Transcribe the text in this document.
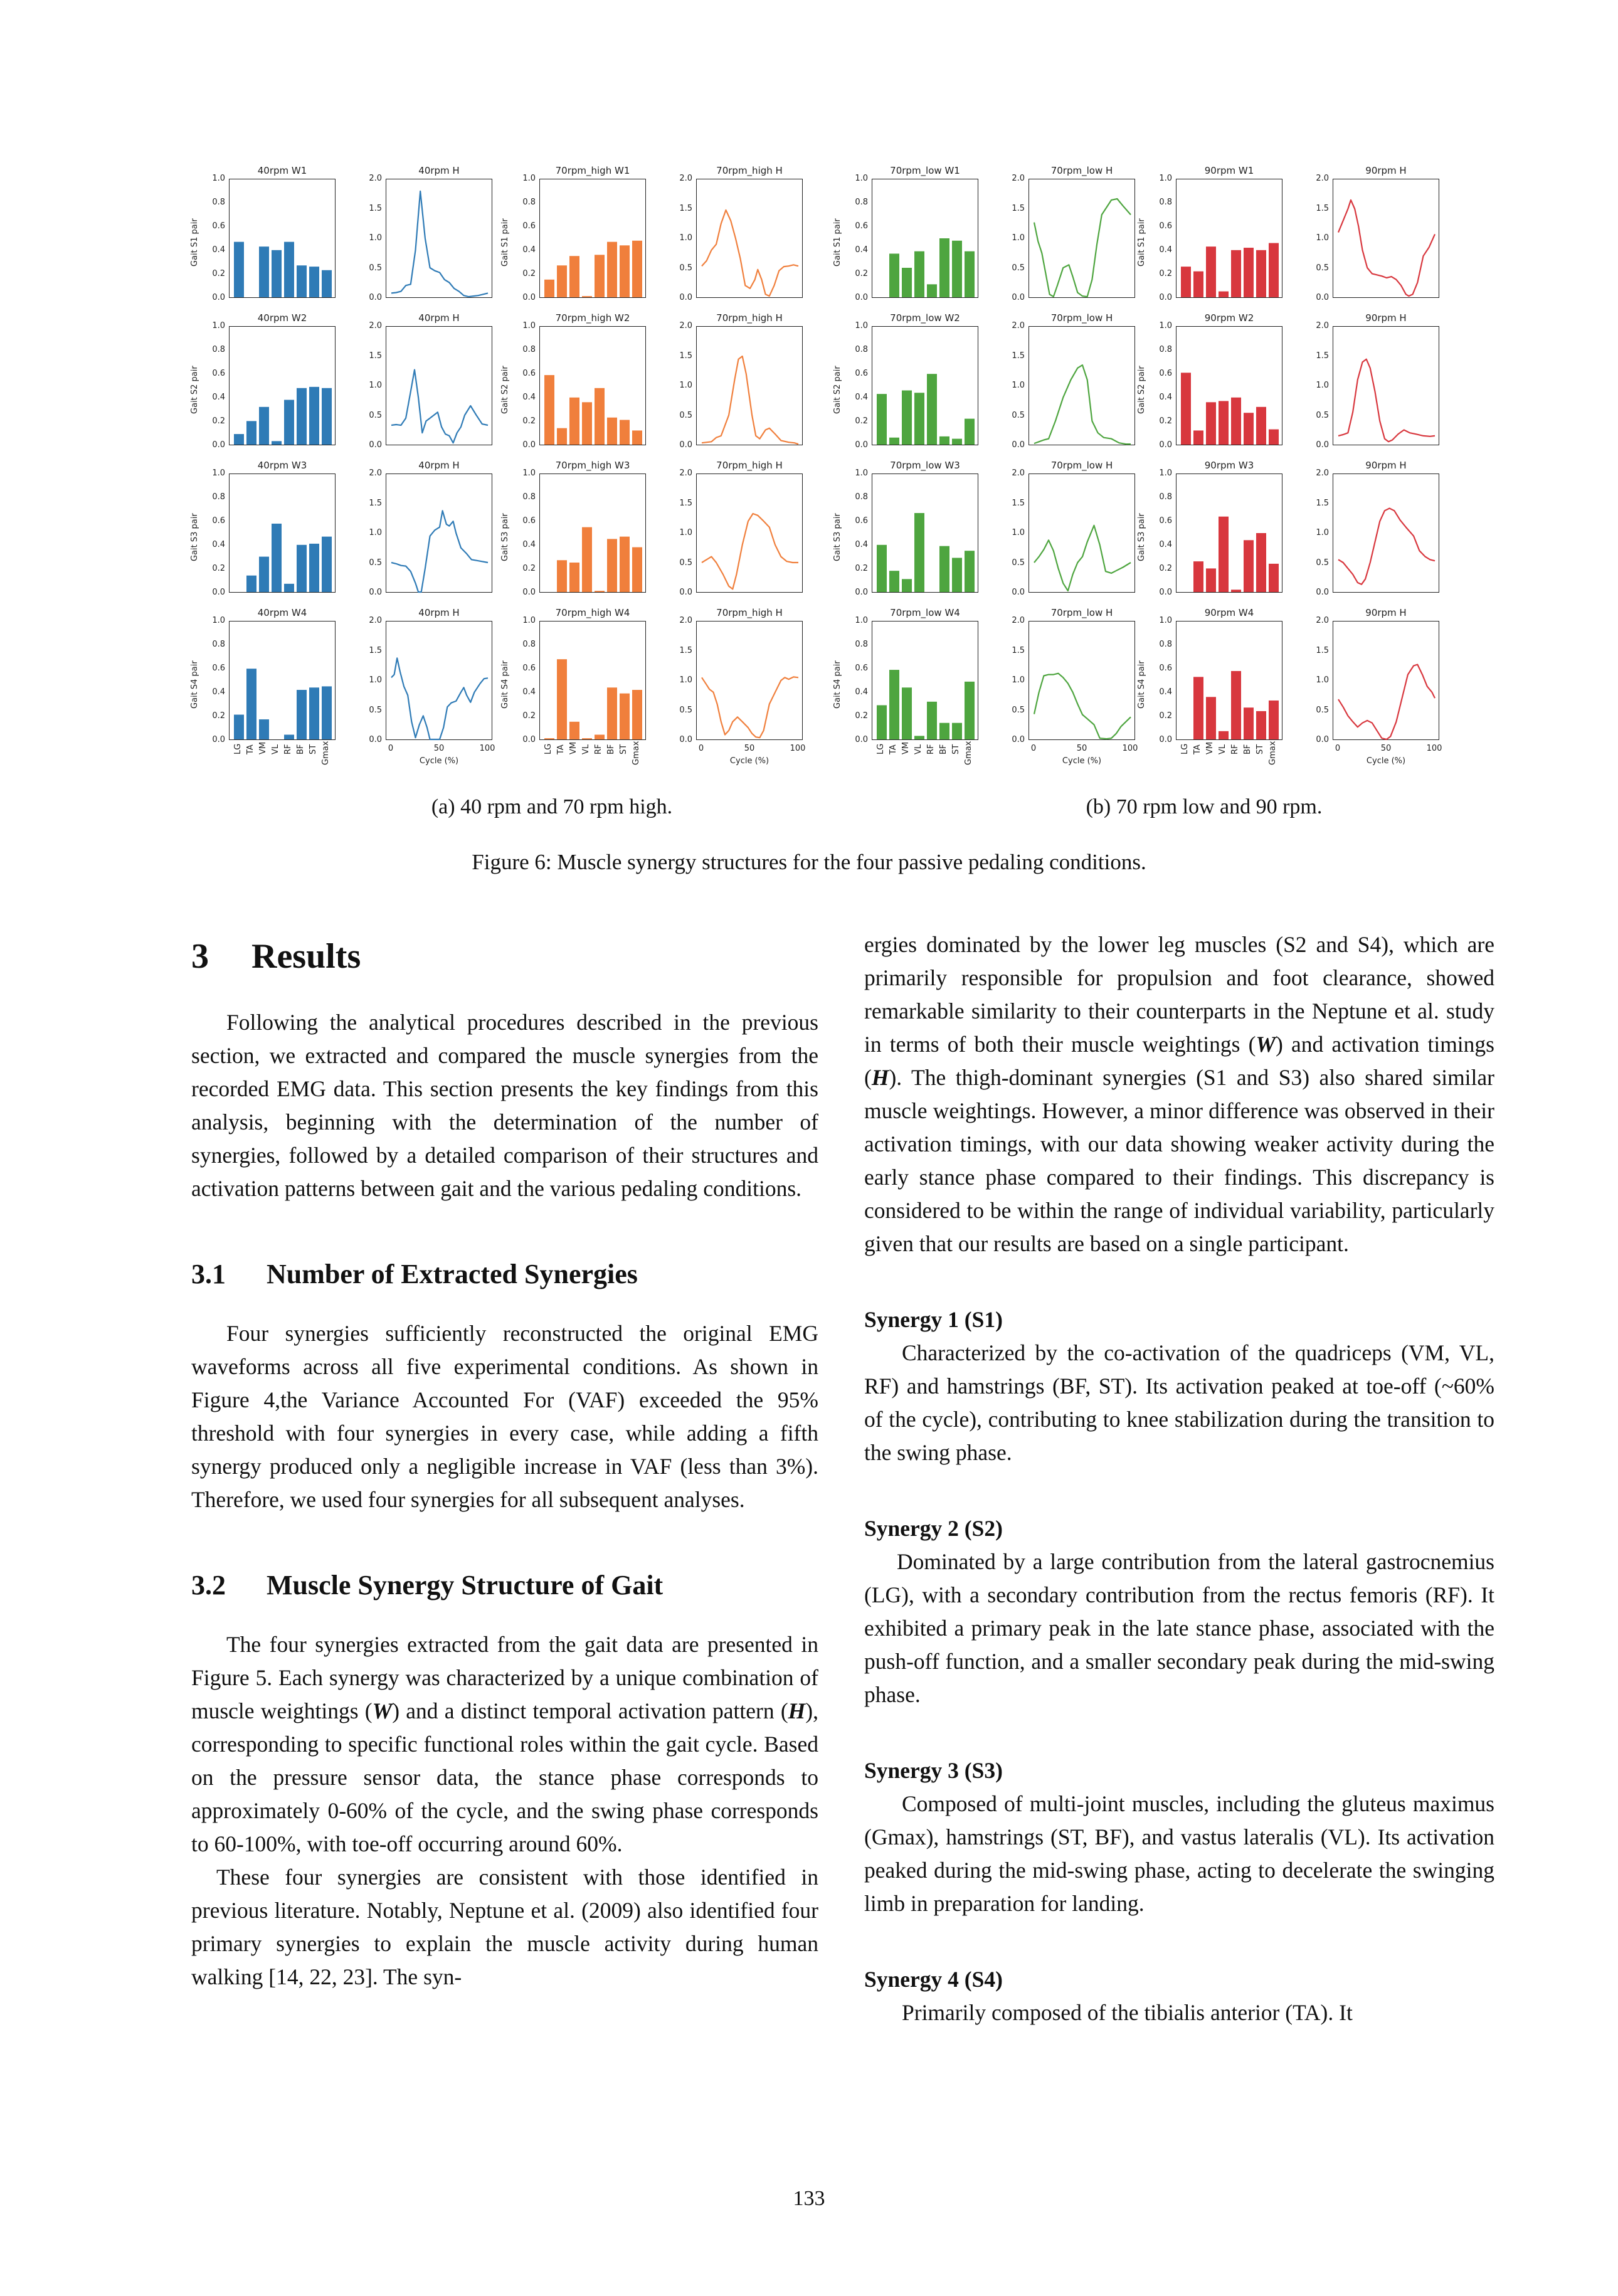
40rpm W1
0.0
0.2
0.4
0.6
0.8
1.0
Gait S1 pair
40rpm H
0.0
0.5
1.0
1.5
2.0
40rpm W2
0.0
0.2
0.4
0.6
0.8
1.0
Gait S2 pair
40rpm H
0.0
0.5
1.0
1.5
2.0
40rpm W3
0.0
0.2
0.4
0.6
0.8
1.0
Gait S3 pair
40rpm H
0.0
0.5
1.0
1.5
2.0
40rpm W4
0.0
0.2
0.4
0.6
0.8
1.0
Gait S4 pair
LG TA VM VL RF BF ST Gmax
40rpm H
0.0
0.5
1.0
1.5
2.0
0	50	100
Cycle (%)
70rpm_high W1
0.0
0.2
0.4
0.6
0.8
1.0
Gait S1 pair
70rpm_high H
0.0
0.5
1.0
1.5
2.0
70rpm_high W2
0.0
0.2
0.4
0.6
0.8
1.0
Gait S2 pair
70rpm_high H
0.0
0.5
1.0
1.5
2.0
70rpm_high W3
0.0
0.2
0.4
0.6
0.8
1.0
Gait S3 pair
70rpm_high H
0.0
0.5
1.0
1.5
2.0
70rpm_high W4
0.0
0.2
0.4
0.6
0.8
1.0
Gait S4 pair
LG TA VM VL RF BF ST Gmax
70rpm_high H
0.0
0.5
1.0
1.5
2.0
0	50	100
Cycle (%)
70rpm_low W1
0.0
0.2
0.4
0.6
0.8
1.0
Gait S1 pair
70rpm_low H
0.0
0.5
1.0
1.5
2.0
70rpm_low W2
0.0
0.2
0.4
0.6
0.8
1.0
Gait S2 pair
70rpm_low H
0.0
0.5
1.0
1.5
2.0
70rpm_low W3
0.0
0.2
0.4
0.6
0.8
1.0
Gait S3 pair
70rpm_low H
0.0
0.5
1.0
1.5
2.0
70rpm_low W4
0.0
0.2
0.4
0.6
0.8
1.0
Gait S4 pair
LG TA VM VL RF BF ST Gmax
70rpm_low H
0.0
0.5
1.0
1.5
2.0
0	50	100
Cycle (%)
90rpm W1
0.0
0.2
0.4
0.6
0.8
1.0
Gait S1 pair
90rpm H
0.0
0.5
1.0
1.5
2.0
90rpm W2
0.0
0.2
0.4
0.6
0.8
1.0
Gait S2 pair
90rpm H
0.0
0.5
1.0
1.5
2.0
90rpm W3
0.0
0.2
0.4
0.6
0.8
1.0
Gait S3 pair
90rpm H
0.0
0.5
1.0
1.5
2.0
90rpm W4
0.0
0.2
0.4
0.6
0.8
1.0
Gait S4 pair
LG TA VM VL RF BF ST Gmax
90rpm H
0.0
0.5
1.0
1.5
2.0
0	50	100
Cycle (%)
(a) 40 rpm and 70 rpm high.	(b) 70 rpm low and 90 rpm.
Figure 6: Muscle synergy structures for the four passive pedaling conditions.
3 Results

Following the analytical procedures described in the previous section, we extracted and compared the muscle synergies from the recorded EMG data. This section presents the key findings from this analysis, beginning with the determination of the number of synergies, followed by a detailed comparison of their structures and activation patterns between gait and the various pedaling conditions.

3.1 Number of Extracted Synergies

Four synergies sufficiently reconstructed the original EMG waveforms across all five experimental conditions. As shown in Figure 4,the Variance Accounted For (VAF) exceeded the 95% threshold with four synergies in every case, while adding a fifth synergy produced only a negligible increase in VAF (less than 3%). Therefore, we used four synergies for all subsequent analyses.

3.2 Muscle Synergy Structure of Gait

The four synergies extracted from the gait data are presented in Figure 5. Each synergy was characterized by a unique combination of muscle weightings (W) and a distinct temporal activation pattern (H), corresponding to specific functional roles within the gait cycle. Based on the pressure sensor data, the stance phase corresponds to approximately 0-60% of the cycle, and the swing phase corresponds to 60-100%, with toe-off occurring around 60%.

These four synergies are consistent with those identified in previous literature. Notably, Neptune et al. (2009) also identified four primary synergies to explain the muscle activity during human walking [14, 22, 23]. The syn-

ergies dominated by the lower leg muscles (S2 and S4), which are primarily responsible for propulsion and foot clearance, showed remarkable similarity to their counterparts in the Neptune et al. study in terms of both their muscle weightings (W) and activation timings (H). The thigh-dominant synergies (S1 and S3) also shared similar muscle weightings. However, a minor difference was observed in their activation timings, with our data showing weaker activity during the early stance phase compared to their findings. This discrepancy is considered to be within the range of individual variability, particularly given that our results are based on a single participant.

Synergy 1 (S1)

Characterized by the co-activation of the quadriceps (VM, VL, RF) and hamstrings (BF, ST). Its activation peaked at toe-off (~60% of the cycle), contributing to knee stabilization during the transition to the swing phase.

Synergy 2 (S2)

Dominated by a large contribution from the lateral gastrocnemius (LG), with a secondary contribution from the rectus femoris (RF). It exhibited a primary peak in the late stance phase, associated with the push-off function, and a smaller secondary peak during the mid-swing phase.

Synergy 3 (S3)

Composed of multi-joint muscles, including the gluteus maximus (Gmax), hamstrings (ST, BF), and vastus lateralis (VL). Its activation peaked during the mid-swing phase, acting to decelerate the swinging limb in preparation for landing.

Synergy 4 (S4)

Primarily composed of the tibialis anterior (TA). It

133
